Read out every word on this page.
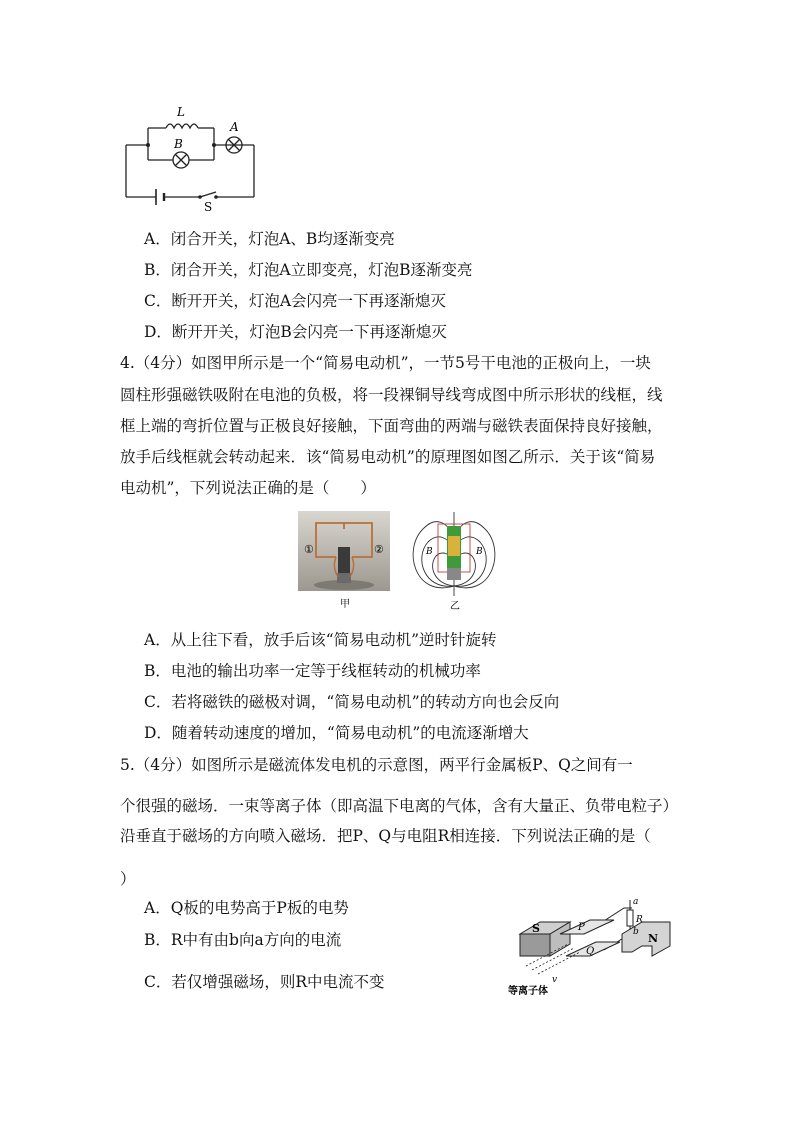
L
A
B
S
A．闭合开关，灯泡A、B均逐渐变亮
B．闭合开关，灯泡A立即变亮，灯泡B逐渐变亮
C．断开开关，灯泡A会闪亮一下再逐渐熄灭
D．断开开关，灯泡B会闪亮一下再逐渐熄灭
4.（4分）如图甲所示是一个“简易电动机”，一节5号干电池的正极向上，一块
圆柱形强磁铁吸附在电池的负极，将一段裸铜导线弯成图中所示形状的线框，线
框上端的弯折位置与正极良好接触，下面弯曲的两端与磁铁表面保持良好接触，
放手后线框就会转动起来．该“简易电动机”的原理图如图乙所示．关于该“简易
电动机”，下列说法正确的是（　　）
①	②
甲
B	B
乙
A．从上往下看，放手后该“简易电动机”逆时针旋转
B．电池的输出功率一定等于线框转动的机械功率
C．若将磁铁的磁极对调，“简易电动机”的转动方向也会反向
D．随着转动速度的增加，“简易电动机”的电流逐渐增大
5.（4分）如图所示是磁流体发电机的示意图，两平行金属板P、Q之间有一
个很强的磁场．一束等离子体（即高温下电离的气体，含有大量正、负带电粒子）
沿垂直于磁场的方向喷入磁场．把P、Q与电阻R相连接．下列说法正确的是（
）
A．Q板的电势高于P板的电势
B．R中有由b向a方向的电流
C．若仅增强磁场，则R中电流不变
S	P
Q
N
a
R
b
v
等离子体
